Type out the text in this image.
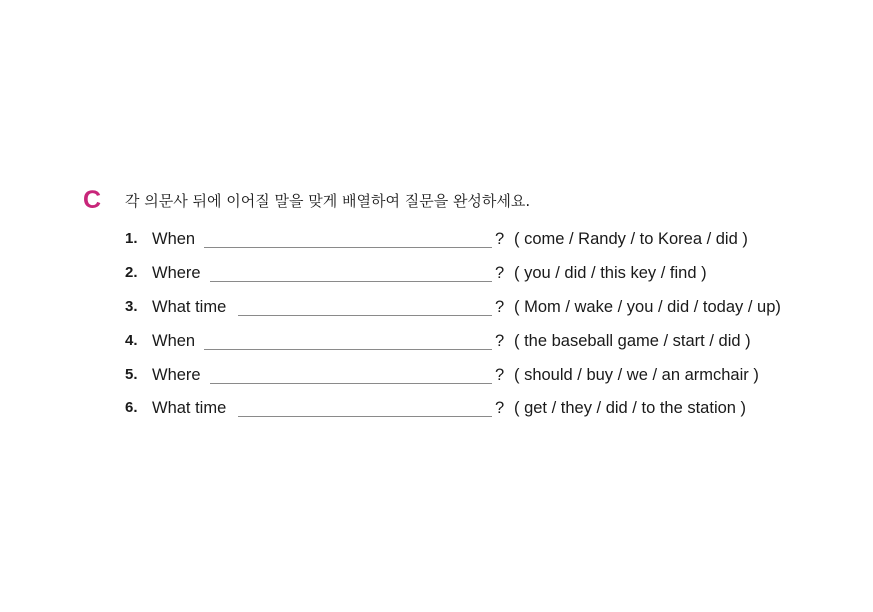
C 각 의문사 뒤에 이어질 말을 맞게 배열하여 질문을 완성하세요.
1. When	? ( come / Randy / to Korea / did )
2. Where	? ( you / did / this key / find )
3. What time	? ( Mom / wake / you / did / today / up)
4. When	? ( the baseball game / start / did )
5. Where	? ( should / buy / we / an armchair )
6. What time	? ( get / they / did / to the station )
